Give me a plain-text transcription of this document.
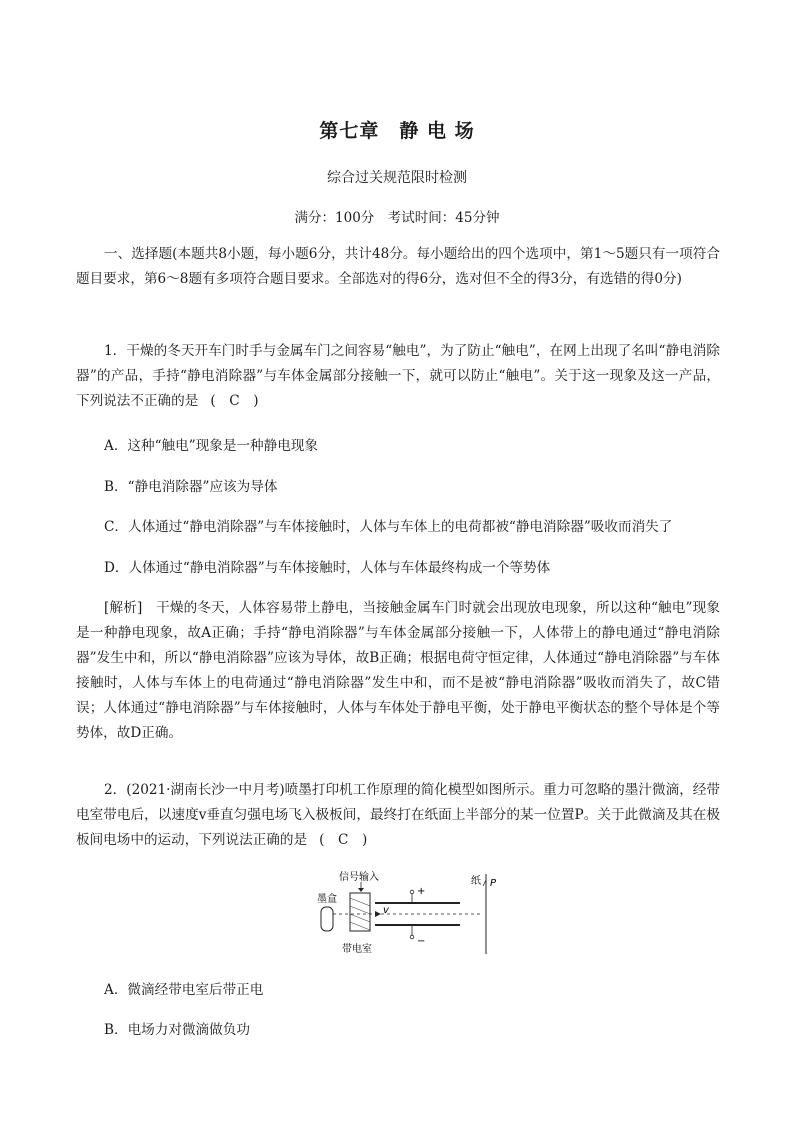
第七章　静 电 场
综合过关规范限时检测
满分：100分　考试时间：45分钟
一、选择题(本题共8小题，每小题6分，共计48分。每小题给出的四个选项中，第1～5题只有一项符合题目要求，第6～8题有多项符合题目要求。全部选对的得6分，选对但不全的得3分，有选错的得0分)
1．干燥的冬天开车门时手与金属车门之间容易“触电”，为了防止“触电”，在网上出现了名叫“静电消除器”的产品，手持“静电消除器”与车体金属部分接触一下，就可以防止“触电”。关于这一现象及这一产品，下列说法不正确的是 (　C　)
A．这种“触电”现象是一种静电现象
B．“静电消除器”应该为导体
C．人体通过“静电消除器”与车体接触时，人体与车体上的电荷都被“静电消除器”吸收而消失了
D．人体通过“静电消除器”与车体接触时，人体与车体最终构成一个等势体
[解析]　干燥的冬天，人体容易带上静电，当接触金属车门时就会出现放电现象，所以这种“触电”现象是一种静电现象，故A正确；手持“静电消除器”与车体金属部分接触一下，人体带上的静电通过“静电消除器”发生中和，所以“静电消除器”应该为导体，故B正确；根据电荷守恒定律，人体通过“静电消除器”与车体接触时，人体与车体上的电荷通过“静电消除器”发生中和，而不是被“静电消除器”吸收而消失了，故C错误；人体通过“静电消除器”与车体接触时，人体与车体处于静电平衡，处于静电平衡状态的整个导体是个等势体，故D正确。
2．(2021·湖南长沙一中月考)喷墨打印机工作原理的简化模型如图所示。重力可忽略的墨汁微滴，经带电室带电后，以速度v垂直匀强电场飞入极板间，最终打在纸面上半部分的某一位置P。关于此微滴及其在极板间电场中的运动，下列说法正确的是 (　C　)
墨盒
信号输入
带电室
v
+
−
纸 P
A．微滴经带电室后带正电
B．电场力对微滴做负功
